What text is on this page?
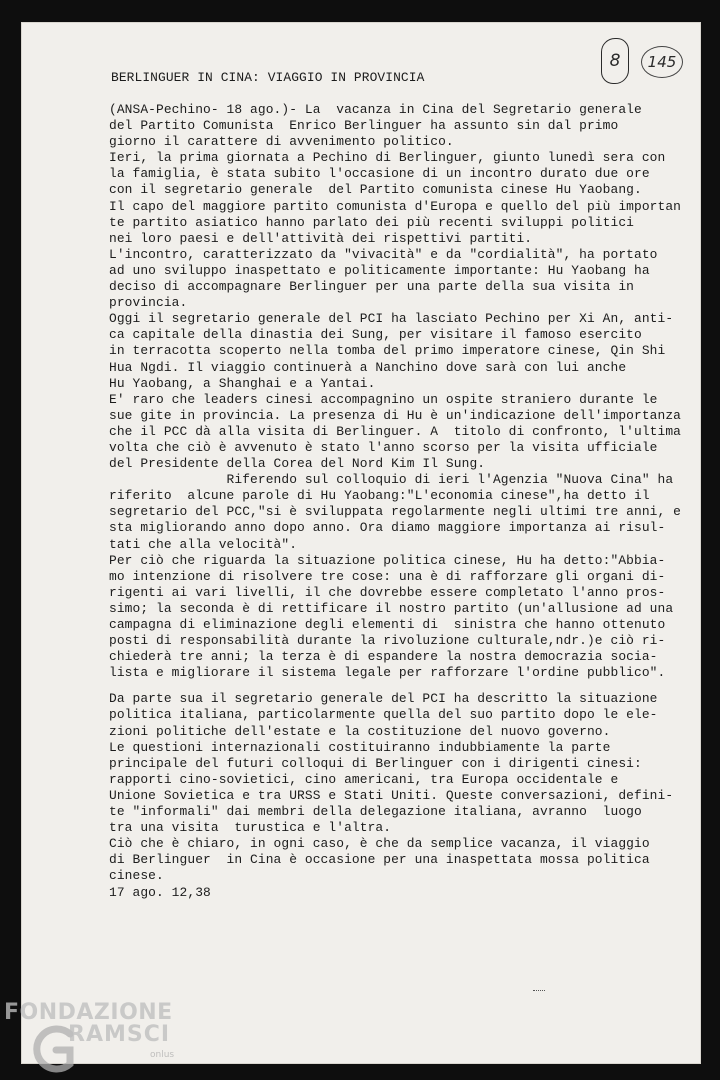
8	145
BERLINGUER IN CINA: VIAGGIO IN PROVINCIA
(ANSA-Pechino- 18 ago.)- La  vacanza in Cina del Segretario generale
del Partito Comunista  Enrico Berlinguer ha assunto sin dal primo
giorno il carattere di avvenimento politico.
Ieri, la prima giornata a Pechino di Berlinguer, giunto lunedì sera con
la famiglia, è stata subito l'occasione di un incontro durato due ore
con il segretario generale  del Partito comunista cinese Hu Yaobang.
Il capo del maggiore partito comunista d'Europa e quello del più importan
te partito asiatico hanno parlato dei più recenti sviluppi politici
nei loro paesi e dell'attività dei rispettivi partiti.
L'incontro, caratterizzato da "vivacità" e da "cordialità", ha portato
ad uno sviluppo inaspettato e politicamente importante: Hu Yaobang ha
deciso di accompagnare Berlinguer per una parte della sua visita in
provincia.
Oggi il segretario generale del PCI ha lasciato Pechino per Xi An, anti-
ca capitale della dinastia dei Sung, per visitare il famoso esercito
in terracotta scoperto nella tomba del primo imperatore cinese, Qin Shi
Hua Ngdi. Il viaggio continuerà a Nanchino dove sarà con lui anche
Hu Yaobang, a Shanghai e a Yantai.
E' raro che leaders cinesi accompagnino un ospite straniero durante le
sue gite in provincia. La presenza di Hu è un'indicazione dell'importanza
che il PCC dà alla visita di Berlinguer. A  titolo di confronto, l'ultima
volta che ciò è avvenuto è stato l'anno scorso per la visita ufficiale
del Presidente della Corea del Nord Kim Il Sung.
Riferendo sul colloquio di ieri l'Agenzia "Nuova Cina" ha
riferito  alcune parole di Hu Yaobang:"L'economia cinese",ha detto il
segretario del PCC,"si è sviluppata regolarmente negli ultimi tre anni, e
sta migliorando anno dopo anno. Ora diamo maggiore importanza ai risul-
tati che alla velocità".
Per ciò che riguarda la situazione politica cinese, Hu ha detto:"Abbia-
mo intenzione di risolvere tre cose: una è di rafforzare gli organi di-
rigenti ai vari livelli, il che dovrebbe essere completato l'anno pros-
simo; la seconda è di rettificare il nostro partito (un'allusione ad una
campagna di eliminazione degli elementi di  sinistra che hanno ottenuto
posti di responsabilità durante la rivoluzione culturale,ndr.)e ciò ri-
chiederà tre anni; la terza è di espandere la nostra democrazia socia-
lista e migliorare il sistema legale per rafforzare l'ordine pubblico".
Da parte sua il segretario generale del PCI ha descritto la situazione
politica italiana, particolarmente quella del suo partito dopo le ele-
zioni politiche dell'estate e la costituzione del nuovo governo.
Le questioni internazionali costituiranno indubbiamente la parte
principale del futuri colloqui di Berlinguer con i dirigenti cinesi:
rapporti cino-sovietici, cino americani, tra Europa occidentale e
Unione Sovietica e tra URSS e Stati Uniti. Queste conversazioni, defini-
te "informali" dai membri della delegazione italiana, avranno  luogo
tra una visita  turustica e l'altra.
Ciò che è chiaro, in ogni caso, è che da semplice vacanza, il viaggio
di Berlinguer  in Cina è occasione per una inaspettata mossa politica
cinese.
17 ago. 12,38
FONDAZIONE
RAMSCI
onlus
